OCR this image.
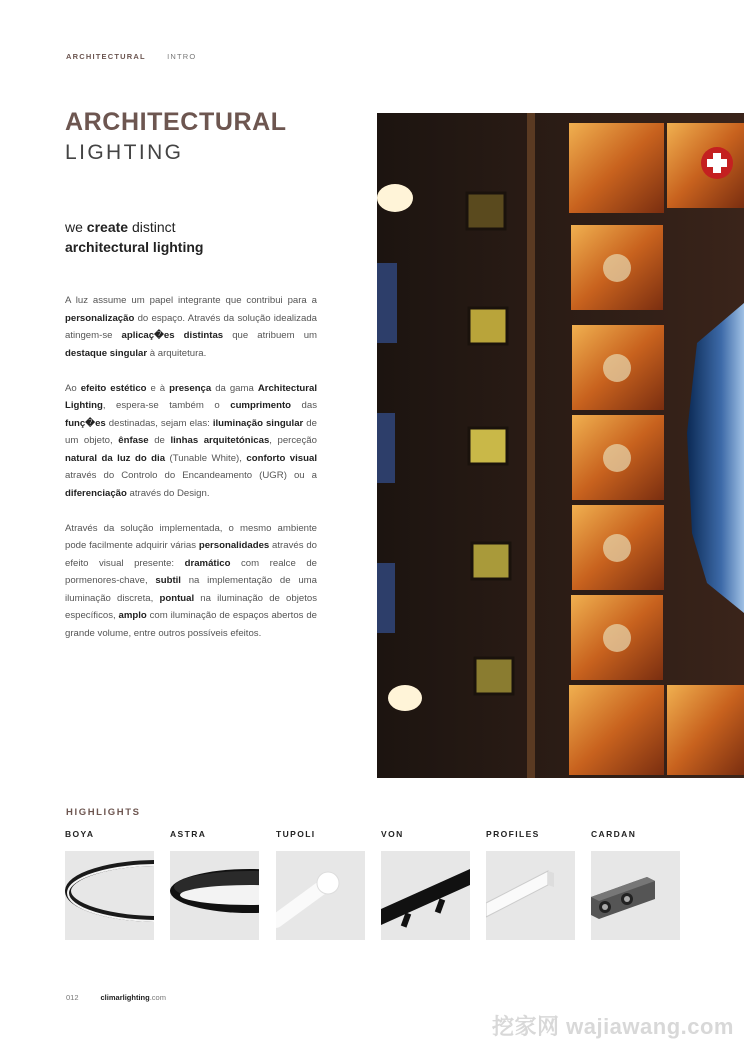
ARCHITECTURAL	INTRO
ARCHITECTURAL
LIGHTING
we create distinct
architectural lighting

A luz assume um papel integrante que contribui para a personalização do espaço. Através da solução idealizada atingem-se aplicaç�es distintas que atribuem um destaque singular à arquitetura.

Ao efeito estético e à presença da gama Architectural Lighting, espera-se também o cumprimento das funç�es destinadas, sejam elas: iluminação singular de um objeto, ênfase de linhas arquitetónicas, perceção natural da luz do dia (Tunable White), conforto visual através do Controlo do Encandeamento (UGR) ou a diferenciação através do Design.

Através da solução implementada, o mesmo ambiente pode facilmente adquirir várias personalidades através do efeito visual presente: dramático com realce de pormenores-chave, subtil na implementação de uma iluminação discreta, pontual na iluminação de objetos específicos, amplo com iluminação de espaços abertos de grande volume, entre outros possíveis efeitos.

HIGHLIGHTS
BOYA	ASTRA	TUPOLI	VON	PROFILES	CARDAN
012	climarlighting.com
挖家网 wajiawang.com
